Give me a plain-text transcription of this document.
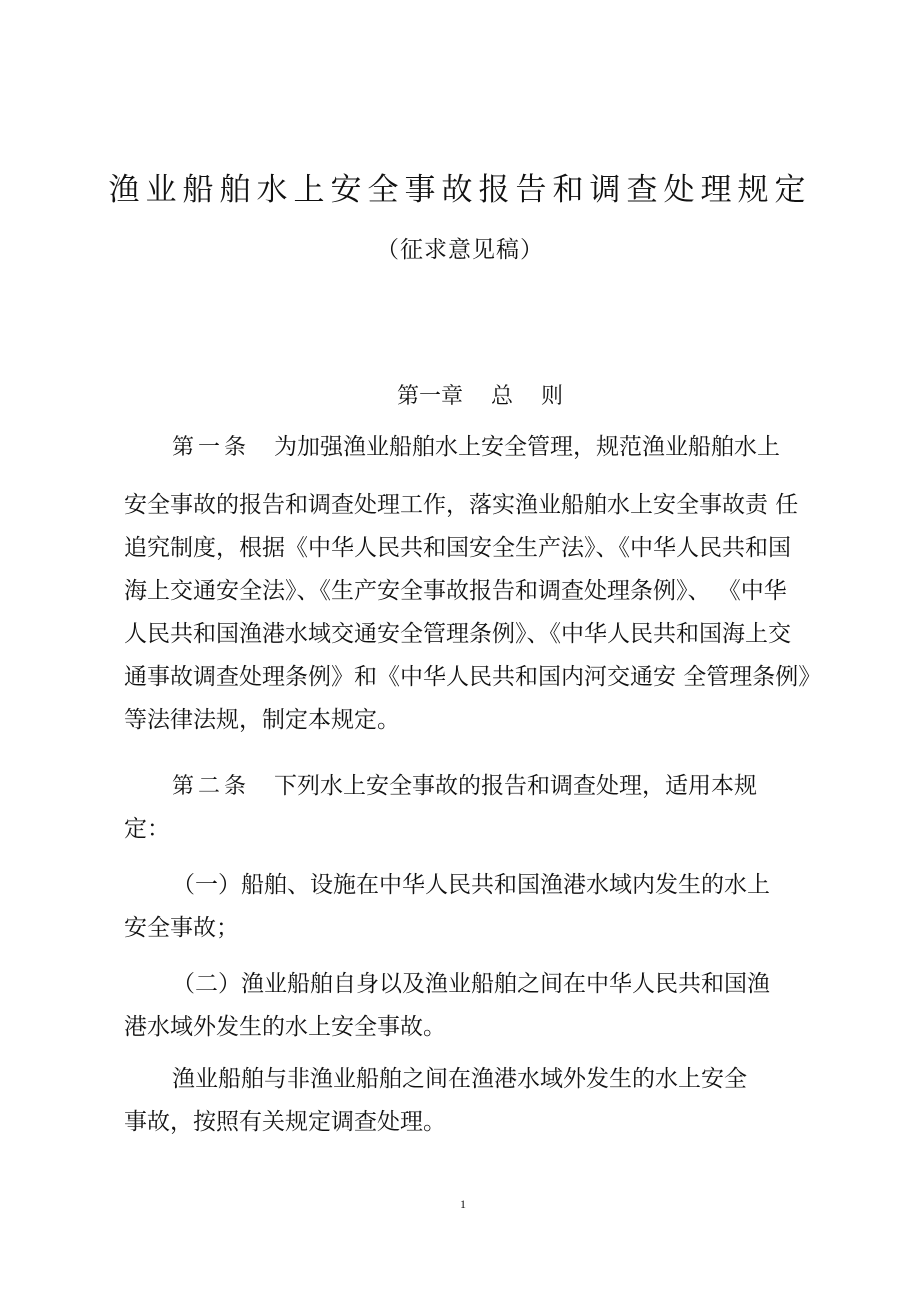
渔业船舶水上安全事故报告和调查处理规定
（征求意见稿）
第一章    总    则
第一条 为加强渔业船舶水上安全管理，规范渔业船舶水上
安全事故的报告和调查处理工作，落实渔业船舶水上安全事故责 任
追究制度，根据《中华人民共和国安全生产法》、《中华人民共和国
海上交通安全法》、《生产安全事故报告和调查处理条例》、 《中华
人民共和国渔港水域交通安全管理条例》、《中华人民共和国海上交
通事故调查处理条例》和《中华人民共和国内河交通安 全管理条例》
等法律法规，制定本规定。
第二条 下列水上安全事故的报告和调查处理，适用本规
定：
（一）船舶、设施在中华人民共和国渔港水域内发生的水上
安全事故；
（二）渔业船舶自身以及渔业船舶之间在中华人民共和国渔
港水域外发生的水上安全事故。
渔业船舶与非渔业船舶之间在渔港水域外发生的水上安全
事故，按照有关规定调查处理。
1
